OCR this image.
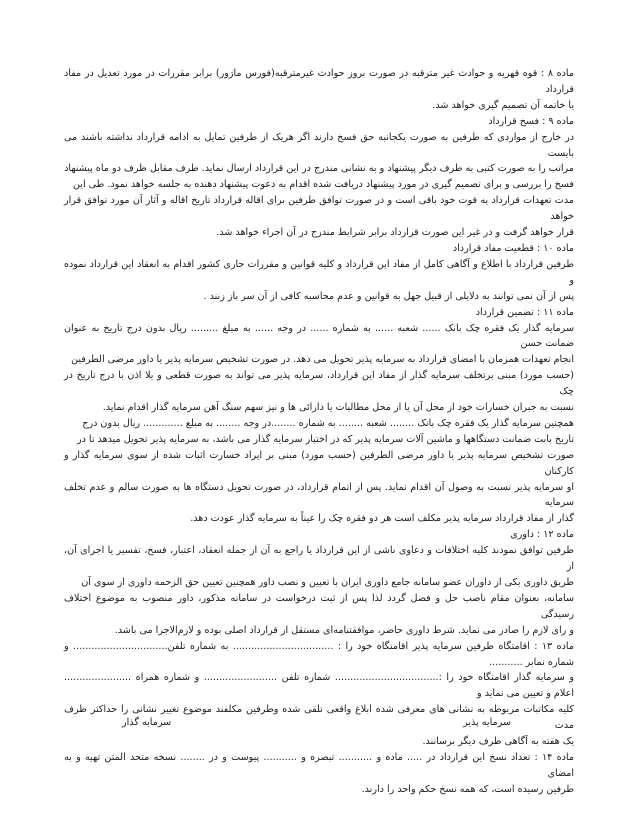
ماده ۸ : قوه قهریه و حوادث غیر مترقبه در صورت بروز حوادث غیرمترقبه(فورس ماژور) برابر مقررات در مورد تعدیل در مفاد قرارداد
یا خاتمه آن تصمیم گیری خواهد شد.
ماده ۹ : فسخ قرارداد
در خارج از مواردی که طرفین به صورت یکجانبه حق فسخ دارند اگر هریک از طرفین تمایل به ادامه قرارداد نداشته باشند می بایست
مراتب را به صورت کتبی به طرف دیگر پیشنهاد و به نشانی مندرج در این قرارداد ارسال نماید. طرف مقابل ظرف دو ماه پیشنهاد
فسخ را بررسی و برای تصمیم گیری در مورد پیشنهاد دریافت شده اقدام به دعوت پیشنهاد دهنده به جلسه خواهد نمود. طی این
مدت تعهدات قرارداد به قوت خود باقی است و در صورت توافق طرفین برای اقاله قرارداد تاریخ اقاله و آثار آن مورد توافق قرار خواهد
قرار خواهد گرفت و در غیر این صورت قرارداد برابر شرایط مندرج در آن اجراء خواهد شد.
ماده ۱۰ : قطعیت مفاد قرارداد
طرفین قرارداد با اطلاع و آگاهی کامل از مفاد این قرارداد و کلیه قوانین و مقررات جاری کشور اقدام به انعقاد این قرارداد نموده و
پس از آن نمی توانند به دلایلی از قبیل جهل به قوانین و عدم محاسبه کافی از آن سر باز زنند .
ماده ۱۱ : تضمین قرارداد
سرمایه گذار یک فقره چک بانک ...... شعبه ...... به شماره ...... در وجه ...... به مبلغ ......... ریال بدون درج تاریخ به عنوان ضمانت حسن
انجام تعهدات همزمان با امضای قرارداد به سرمایه پذیر تحویل می دهد. در صورت تشخیص سرمایه پذیر یا داور مرضی الطرفین
(حسب مورد) مبنی برتخلف سرمایه گذار از مفاد این قرارداد، سرمایه پذیر می تواند به صورت قطعی و بلا اذن با درج تاریخ در چک
نسبت به جبران خسارات خود از محل آن یا از محل مطالبات یا دارائی ها و نیز سهم سنگ آهن سرمایه گذار اقدام نماید.
همچنین سرمایه گذار یک فقره چک بانک ........ شعبه ........ به شماره ........در وجه ........ به مبلغ ............. ریال بدون درج
تاریخ بابت ضمانت دستگاهها و ماشین آلات سرمایه پذیر که در اختیار سرمایه گذار می باشد، به سرمایه پذیر تحویل میدهد تا در
صورت تشخیص سرمایه پذیر یا داور مرضی الطرفین (حسب مورد) مبنی بر ایراد خسارت اثبات شده از سوی سرمایه گذار و کارکنان
او سرمایه پذیر نسبت به وصول آن اقدام نماید. پس از اتمام قرارداد، در صورت تحویل دستگاه ها به صورت سالم و عدم تخلف سرمایه
گذار از مفاد قرارداد سرمایه پذیر مکلف است هر دو فقره چک را عیناً به سرمایه گذار عودت دهد.
ماده ۱۲ : داوری
طرفین توافق نمودند کلیه اختلافات و دعاوی ناشی از این قرارداد یا راجع به آن از جمله انعقاد، اعتبار، فسخ، تفسیر یا اجرای آن، از
طریق داوری یکی از داوران عضو سامانه جامع داوری ایران با تعیین و نصب داور همچنین تعیین حق الزحمه داوری از سوی آن
سامانه، بعنوان مقام ناصب حل و فصل گردد لذا پس از ثبت درخواست در سامانه مذکور، داور منصوب به موضوع اختلاف رسیدگی
و رای لازم را صادر می نماید. شرط داوری حاضر، موافقتنامه‌ای مستقل از قرارداد اصلی بوده و لازم‌الاجرا می باشد.
ماده ۱۳ : اقامتگاه طرفین سرمایه پذیر اقامتگاه خود را : ................................. به شماره تلفن............................... و شماره نمابر ...........
و سرمایه گذار اقامتگاه خود را :.................................. شماره تلفن ........................ و شماره همراه ...................... اعلام و تعیین می نماید و
کلیه مکاتبات مربوطه به نشانی های معرفی شده ابلاغ واقعی تلقی شده وطرفین مکلفند موضوع تغییر نشانی را حداکثر ظرف مدت
یک هفته به آگاهی طرف دیگر برسانند.
ماده ۱۴ : تعداد نسخ این قرارداد در ..... ماده و ........... تبصره و ........... پیوست و در ........ نسخه متحد المتن تهیه و به امضای
طرفین رسیده است، که همه نسخ حکم واحد را دارند.
سرمایه پذیر
سرمایه گذار
